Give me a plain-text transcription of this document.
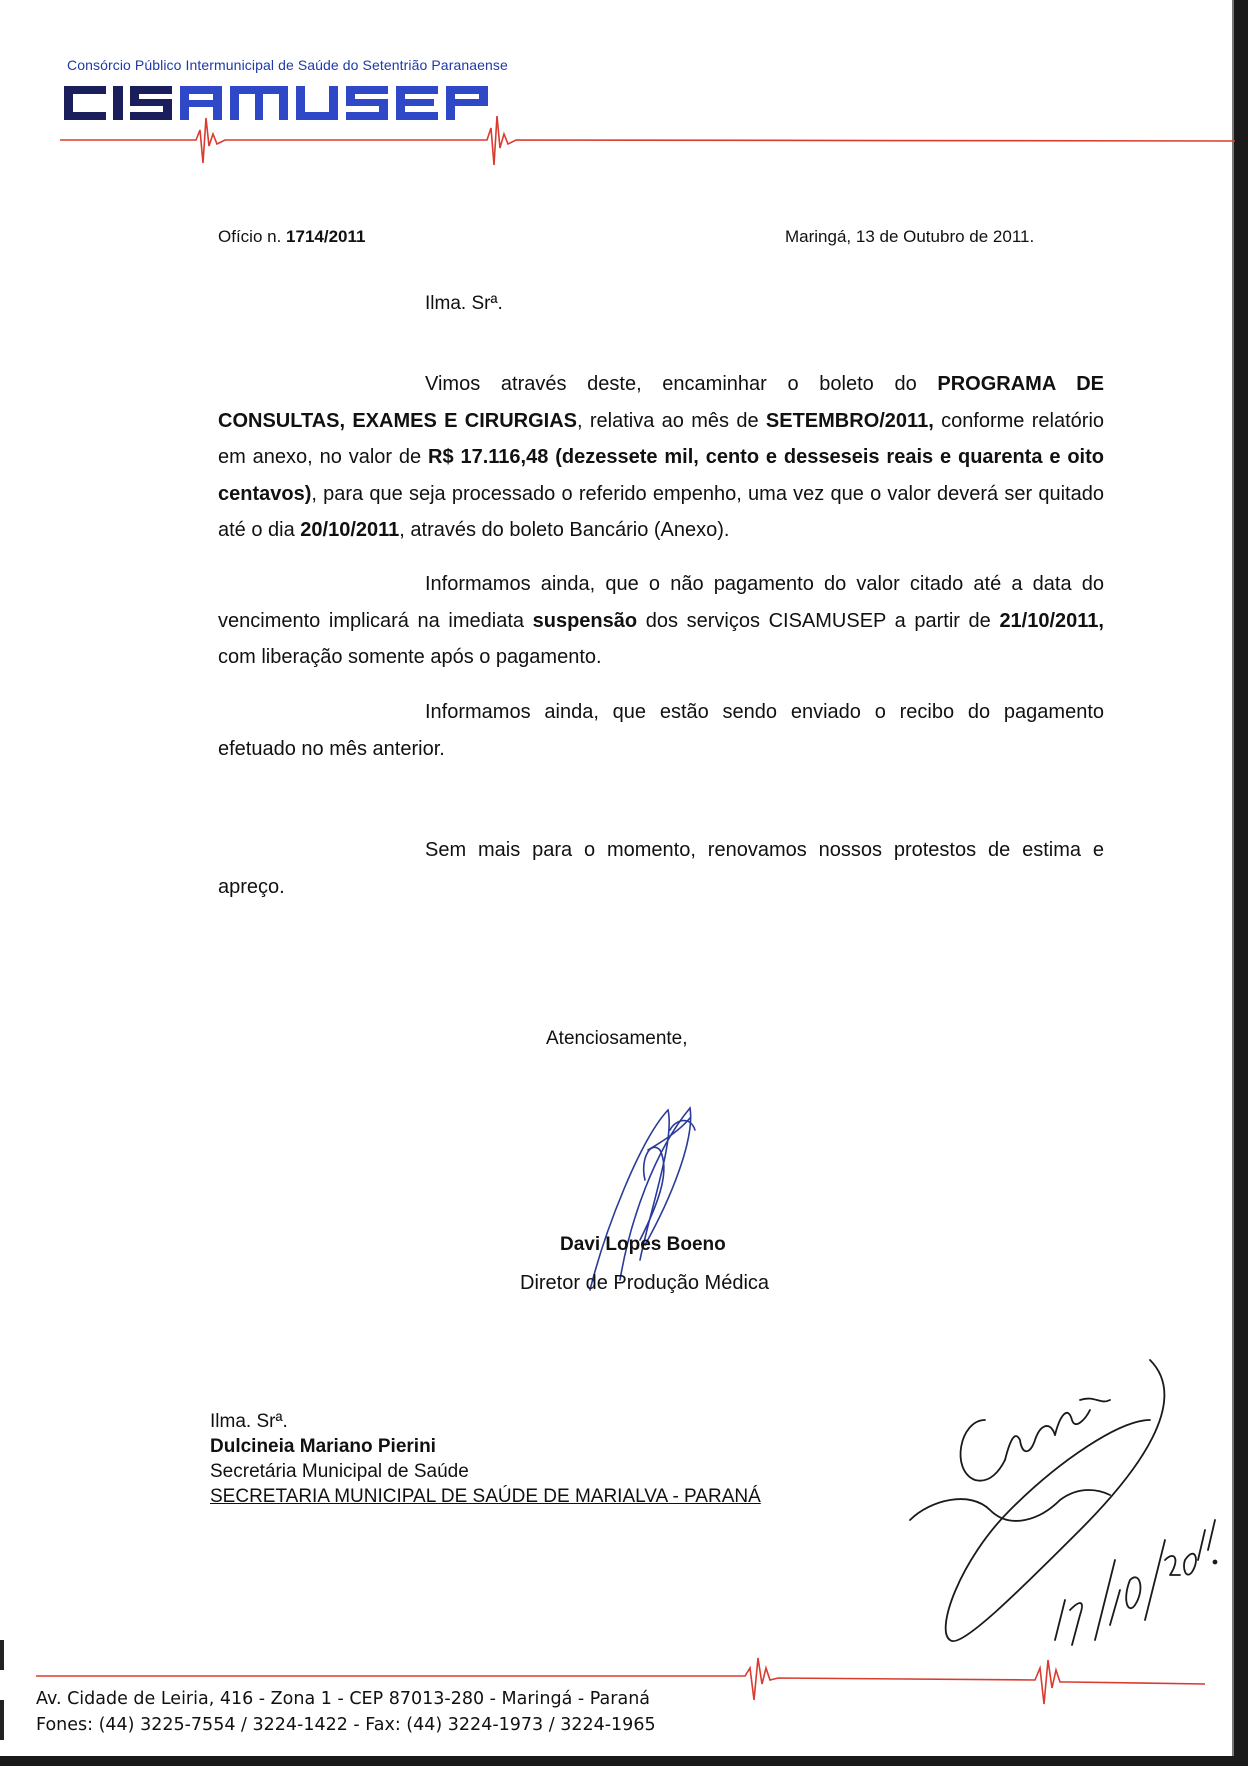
Consórcio Público Intermunicipal de Saúde do Setentrião Paranaense
Ofício n. 1714/2011	Maringá, 13 de Outubro de 2011.
Ilma. Srª.
Vimos através deste, encaminhar o boleto do PROGRAMA DE CONSULTAS, EXAMES E CIRURGIAS, relativa ao mês de SETEMBRO/2011, conforme relatório em anexo, no valor de R$ 17.116,48 (dezessete mil, cento e desseseis reais e quarenta e oito centavos), para que seja processado o referido empenho, uma vez que o valor deverá ser quitado até o dia 20/10/2011, através do boleto Bancário (Anexo).
Informamos ainda, que o não pagamento do valor citado até a data do vencimento implicará na imediata suspensão dos serviços CISAMUSEP a partir de 21/10/2011, com liberação somente após o pagamento.
Informamos ainda, que estão sendo enviado o recibo do pagamento efetuado no mês anterior.
Sem mais para o momento, renovamos nossos protestos de estima e apreço.
Atenciosamente,
Davi Lopes Boeno
Diretor de Produção Médica
Ilma. Srª.
Dulcineia Mariano Pierini
Secretária Municipal de Saúde
SECRETARIA MUNICIPAL DE SAÚDE DE MARIALVA - PARANÁ
Av. Cidade de Leiria, 416 - Zona 1 - CEP 87013-280 - Maringá - Paraná
Fones: (44) 3225-7554 / 3224-1422 - Fax: (44) 3224-1973 / 3224-1965
